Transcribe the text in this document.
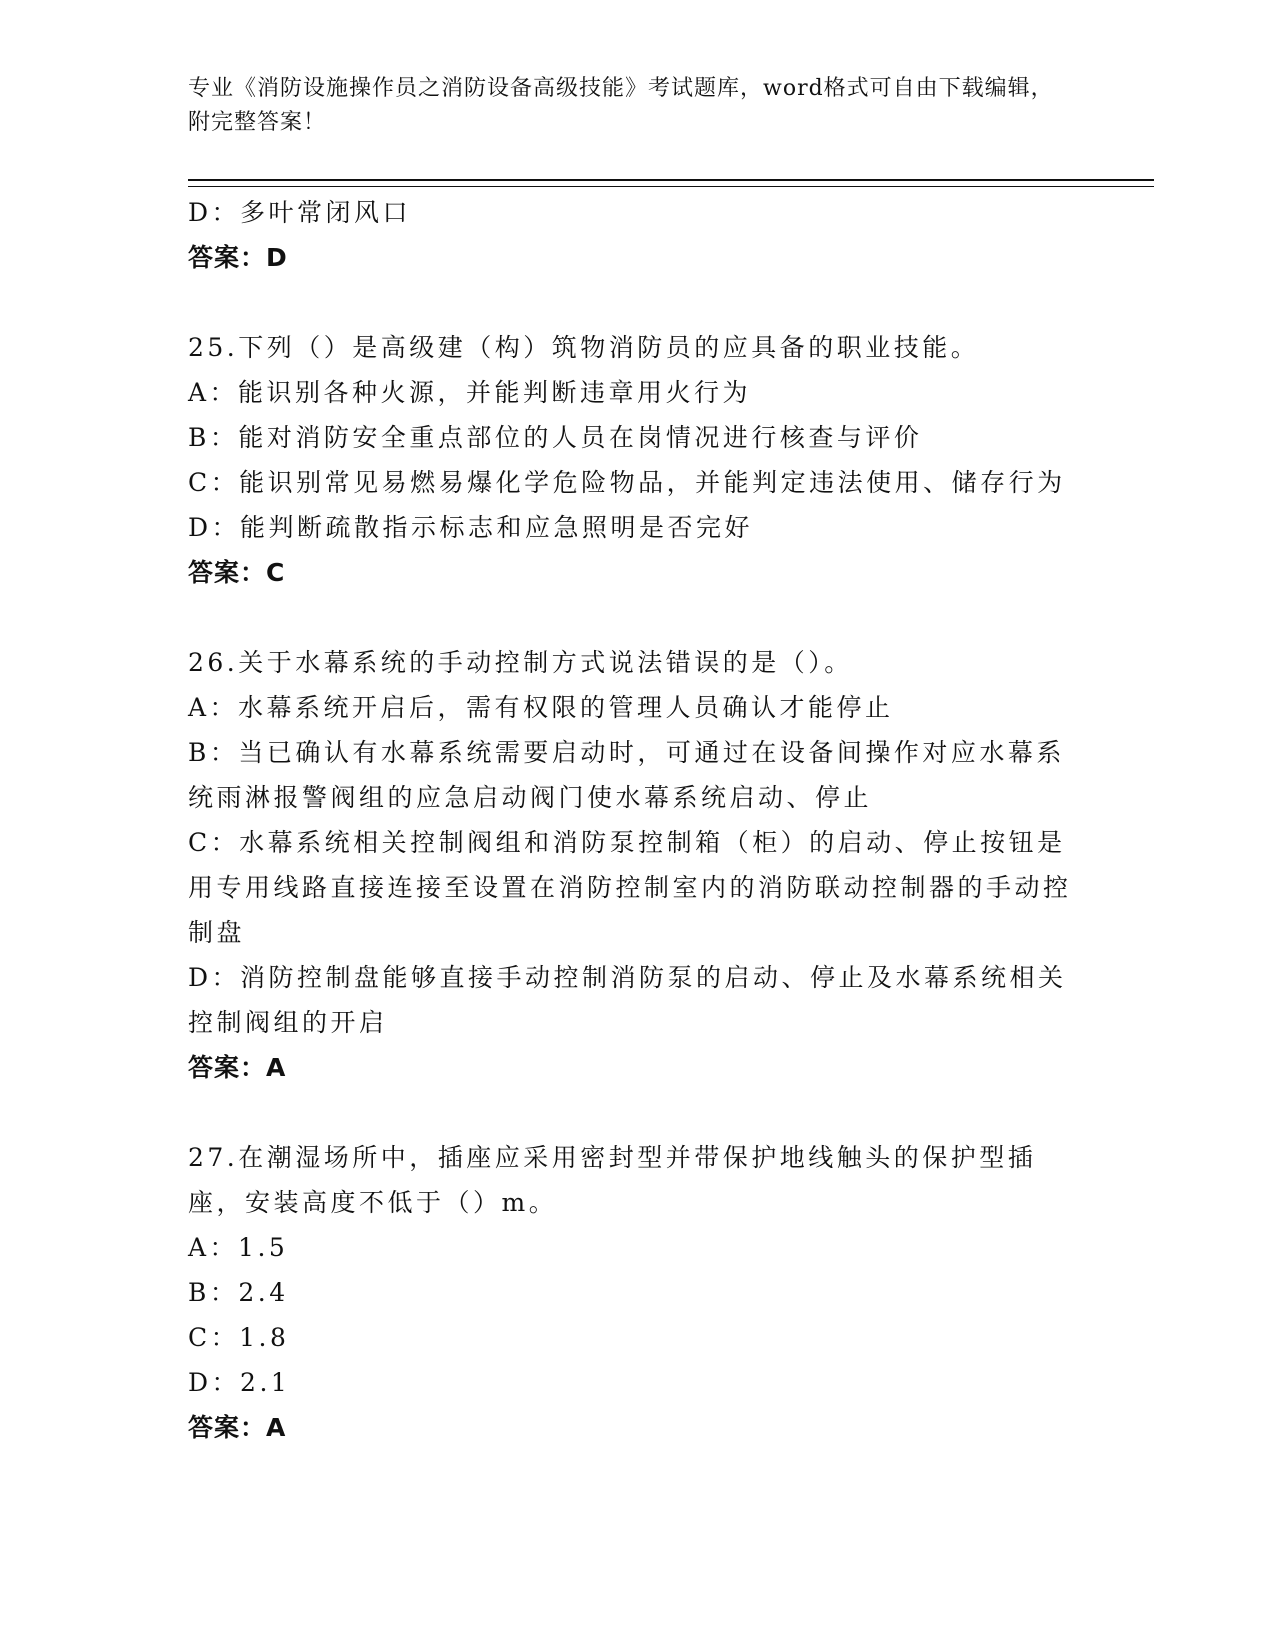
专业《消防设施操作员之消防设备高级技能》考试题库，word格式可自由下载编辑，附完整答案！
D：多叶常闭风口
答案：D
25.下列（）是高级建（构）筑物消防员的应具备的职业技能。
A：能识别各种火源，并能判断违章用火行为
B：能对消防安全重点部位的人员在岗情况进行核查与评价
C：能识别常见易燃易爆化学危险物品，并能判定违法使用、储存行为
D：能判断疏散指示标志和应急照明是否完好
答案：C
26.关于水幕系统的手动控制方式说法错误的是（）。
A：水幕系统开启后，需有权限的管理人员确认才能停止
B：当已确认有水幕系统需要启动时，可通过在设备间操作对应水幕系统雨淋报警阀组的应急启动阀门使水幕系统启动、停止
C：水幕系统相关控制阀组和消防泵控制箱（柜）的启动、停止按钮是用专用线路直接连接至设置在消防控制室内的消防联动控制器的手动控制盘
D：消防控制盘能够直接手动控制消防泵的启动、停止及水幕系统相关控制阀组的开启
答案：A
27.在潮湿场所中，插座应采用密封型并带保护地线触头的保护型插座，安装高度不低于（）m。
A：1.5
B：2.4
C：1.8
D：2.1
答案：A
